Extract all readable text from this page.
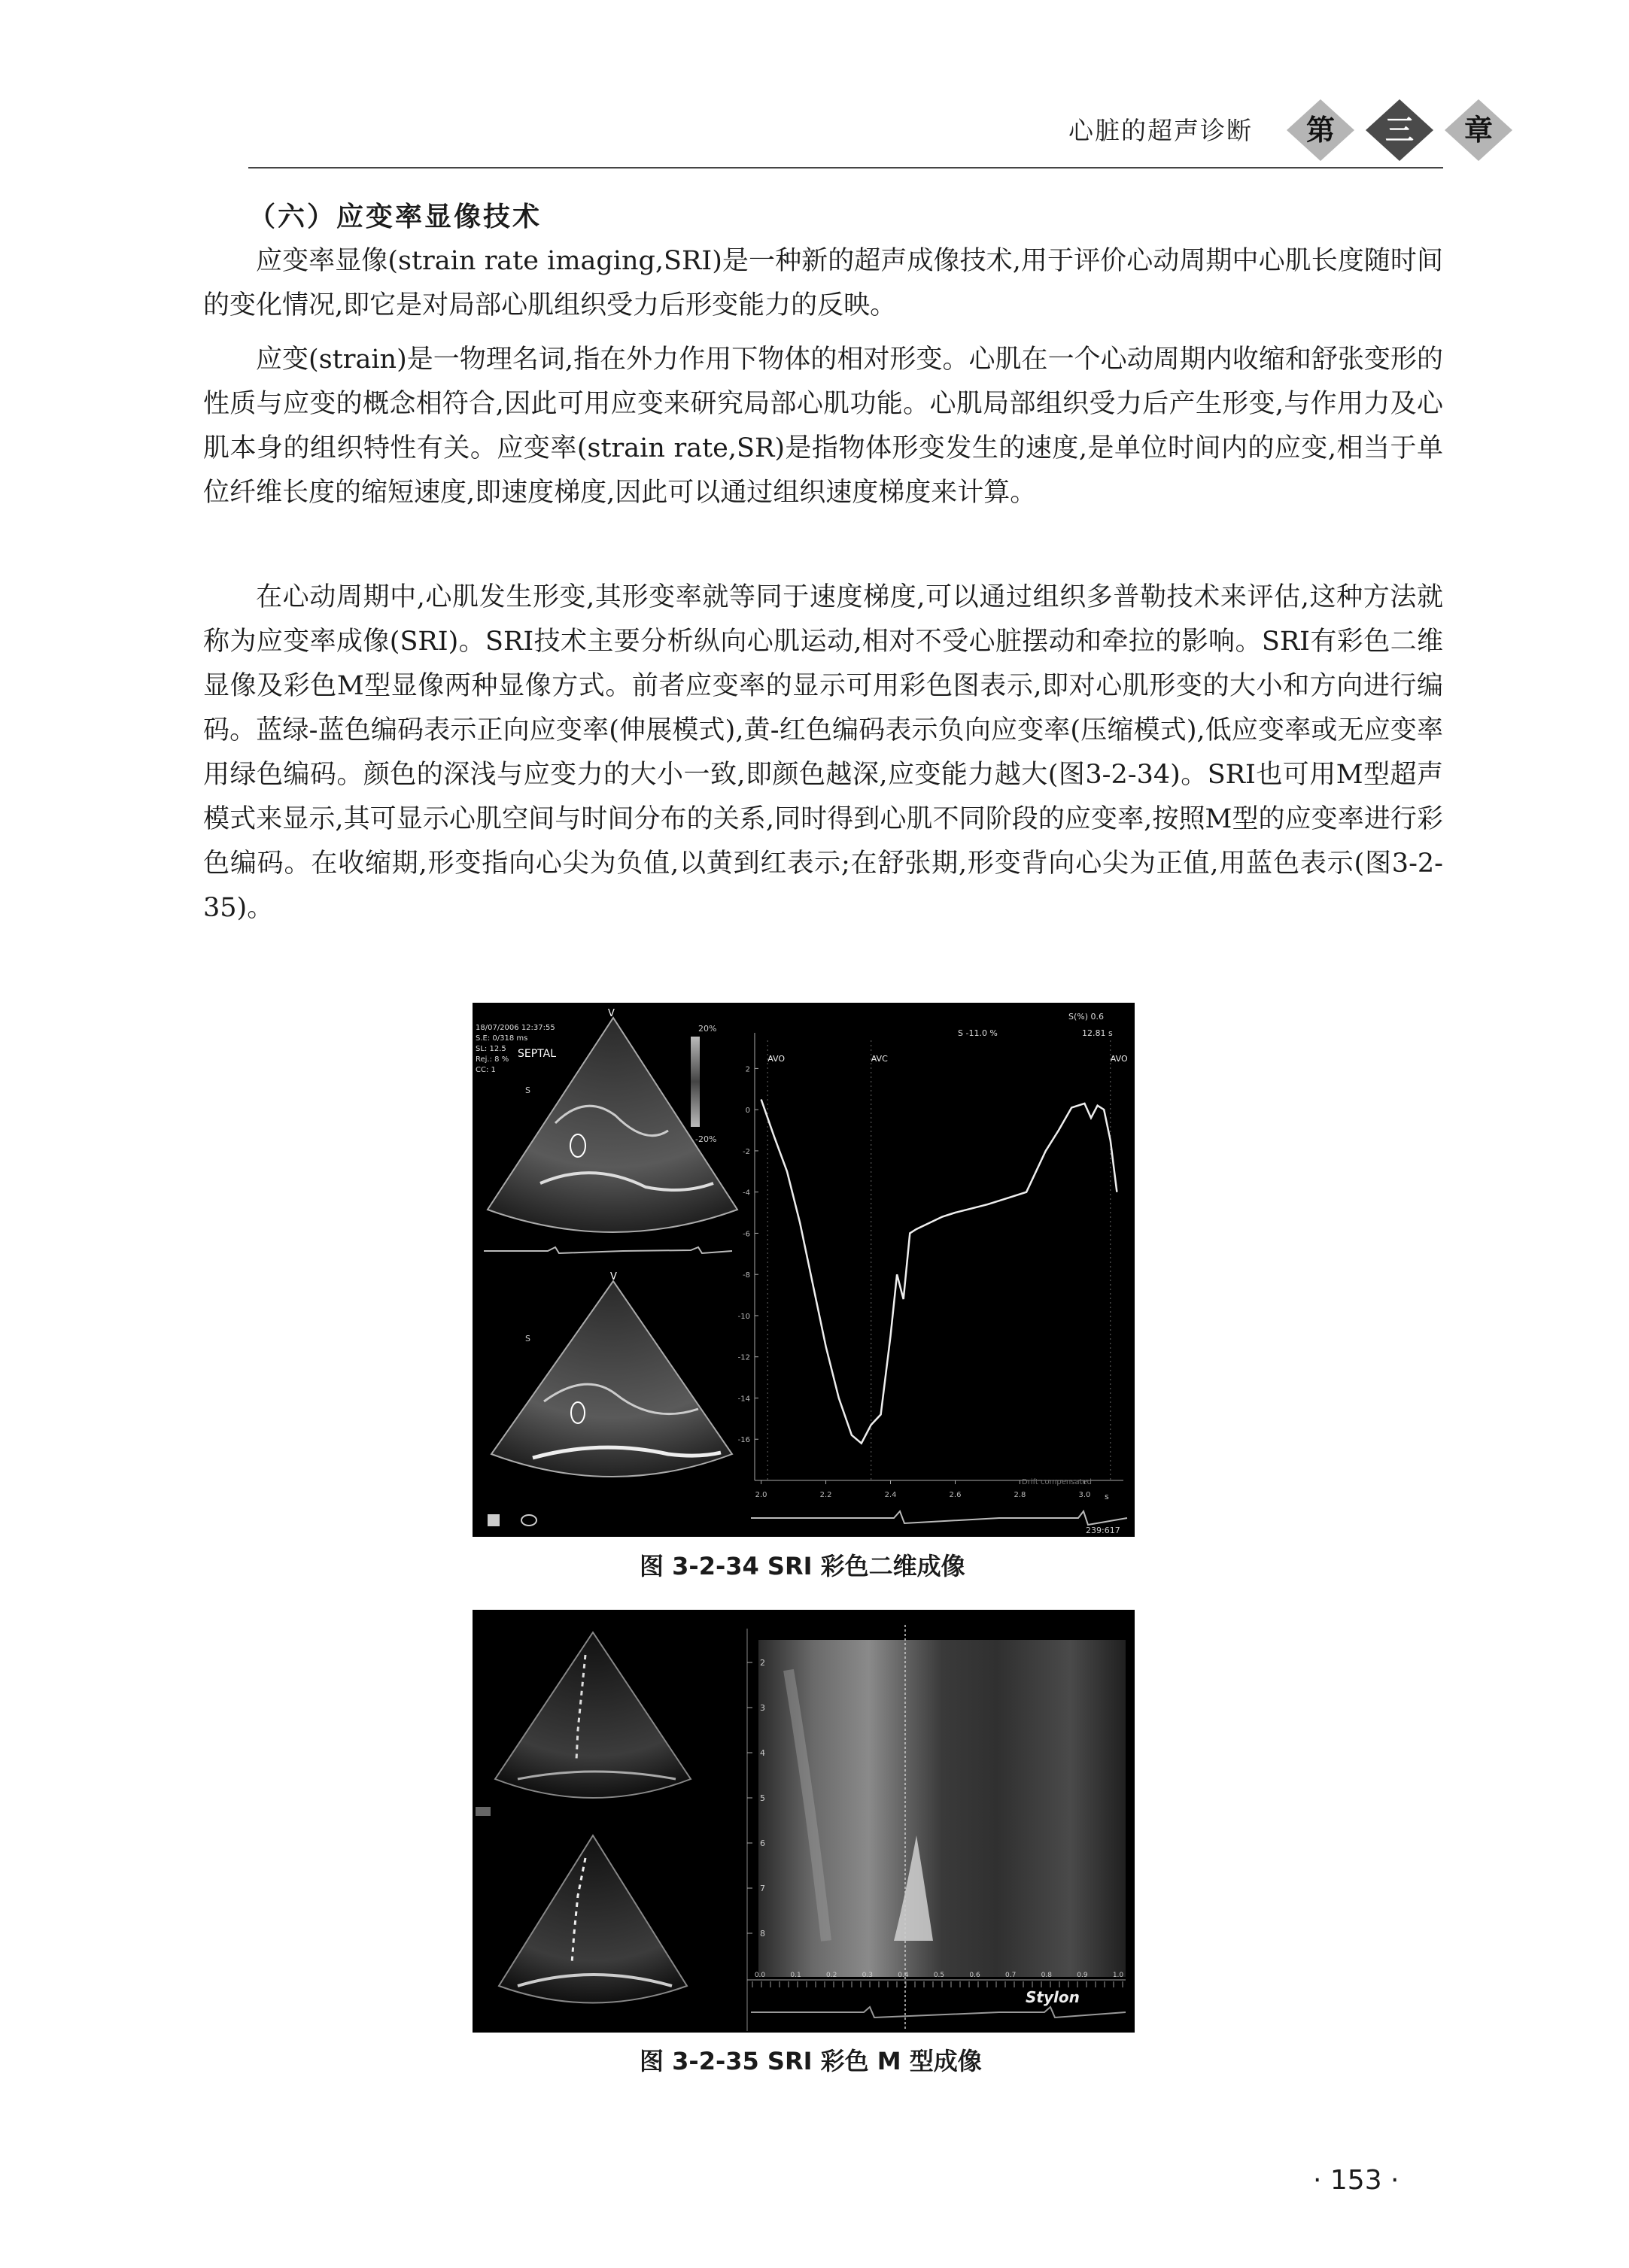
心脏的超声诊断 第 三 章
（六）应变率显像技术

应变率显像(strain rate imaging,SRI)是一种新的超声成像技术,用于评价心动周期中心肌长度随时间的变化情况,即它是对局部心肌组织受力后形变能力的反映。

应变(strain)是一物理名词,指在外力作用下物体的相对形变。心肌在一个心动周期内收缩和舒张变形的性质与应变的概念相符合,因此可用应变来研究局部心肌功能。心肌局部组织受力后产生形变,与作用力及心肌本身的组织特性有关。应变率(strain rate,SR)是指物体形变发生的速度,是单位时间内的应变,相当于单位纤维长度的缩短速度,即速度梯度,因此可以通过组织速度梯度来计算。

在心动周期中,心肌发生形变,其形变率就等同于速度梯度,可以通过组织多普勒技术来评估,这种方法就称为应变率成像(SRI)。SRI技术主要分析纵向心肌运动,相对不受心脏摆动和牵拉的影响。SRI有彩色二维显像及彩色M型显像两种显像方式。前者应变率的显示可用彩色图表示,即对心肌形变的大小和方向进行编码。蓝绿-蓝色编码表示正向应变率(伸展模式),黄-红色编码表示负向应变率(压缩模式),低应变率或无应变率用绿色编码。颜色的深浅与应变力的大小一致,即颜色越深,应变能力越大(图3-2-34)。SRI也可用M型超声模式来显示,其可显示心肌空间与时间分布的关系,同时得到心肌不同阶段的应变率,按照M型的应变率进行彩色编码。在收缩期,形变指向心尖为负值,以黄到红表示;在舒张期,形变背向心尖为正值,用蓝色表示(图3-2-35)。

20%
-20%
V
S
18/07/2006 12:37:55
S.E: 0/318 ms
SL: 12.5
Rej.: 8 %
CC: 1
SEPTAL
V
S
S(%) 0.6
S -11.0 %	12.81 s
2
0
-2
-4
-6
-8
-10
-12
-14
-16
2.0	2.2	2.4	2.6	2.8	3.0
AVO	AVC	AVO
Drift compensated
s
239:617
图 3-2-34 SRI 彩色二维成像
2
3
4
5
6
7
8
0.0	0.1	0.2	0.3	0.4	0.5	0.6	0.7	0.8	0.9	1.0
Stylon
图 3-2-35 SRI 彩色 M 型成像
· 153 ·
